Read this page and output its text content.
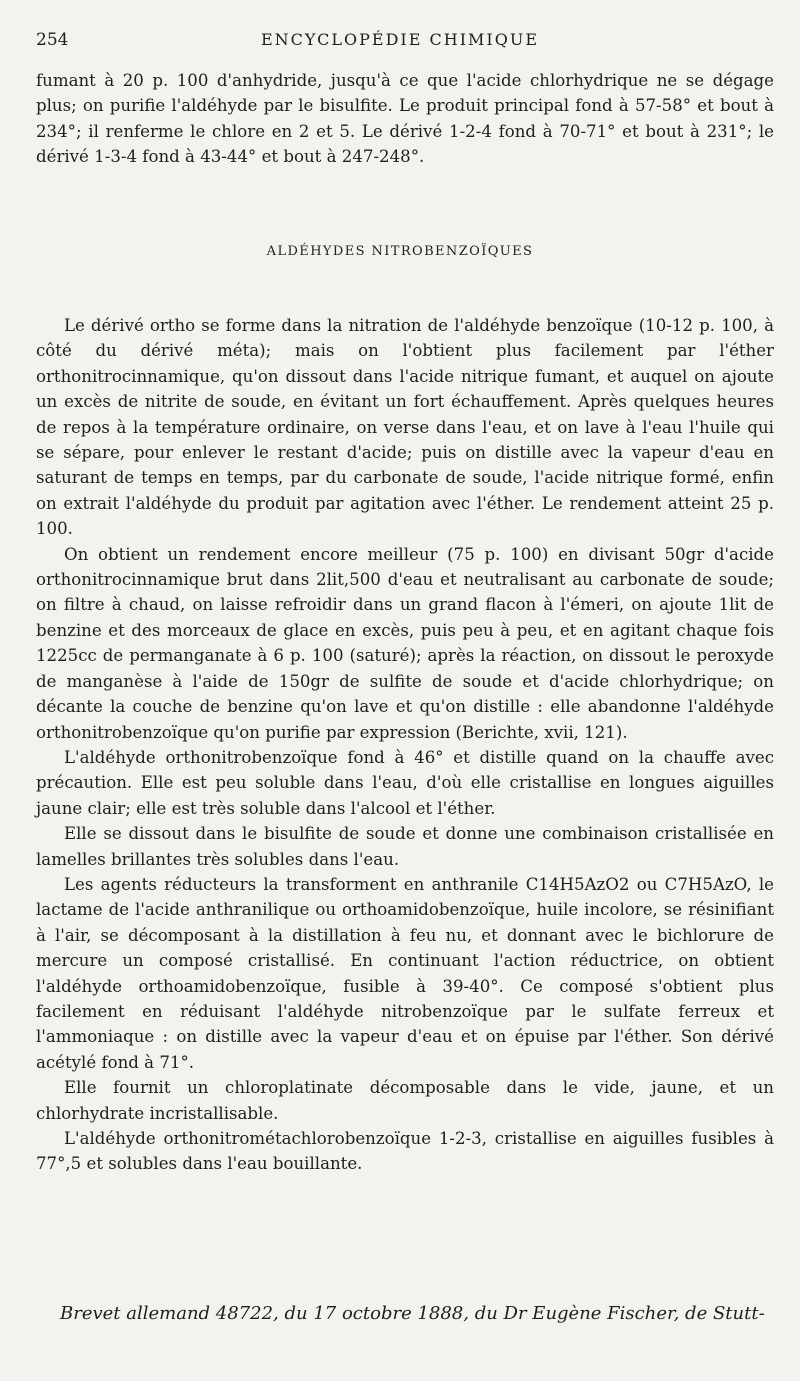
254	ENCYCLOPÉDIE CHIMIQUE
fumant à 20 p. 100 d'anhydride, jusqu'à ce que l'acide chlorhydrique ne se dégage plus; on purifie l'aldéhyde par le bisulfite. Le produit principal fond à 57-58° et bout à 234°; il renferme le chlore en 2 et 5. Le dérivé 1-2-4 fond à 70-71° et bout à 231°; le dérivé 1-3-4 fond à 43-44° et bout à 247-248°.
ALDÉHYDES NITROBENZOÏQUES

Le dérivé ortho se forme dans la nitration de l'aldéhyde benzoïque (10-12 p. 100, à côté du dérivé méta); mais on l'obtient plus facilement par l'éther orthonitrocinnamique, qu'on dissout dans l'acide nitrique fumant, et auquel on ajoute un excès de nitrite de soude, en évitant un fort échauffement. Après quelques heures de repos à la température ordinaire, on verse dans l'eau, et on lave à l'eau l'huile qui se sépare, pour enlever le restant d'acide; puis on distille avec la vapeur d'eau en saturant de temps en temps, par du carbonate de soude, l'acide nitrique formé, enfin on extrait l'aldéhyde du produit par agitation avec l'éther. Le rendement atteint 25 p. 100.

On obtient un rendement encore meilleur (75 p. 100) en divisant 50gr d'acide orthonitrocinnamique brut dans 2lit,500 d'eau et neutralisant au carbonate de soude; on filtre à chaud, on laisse refroidir dans un grand flacon à l'émeri, on ajoute 1lit de benzine et des morceaux de glace en excès, puis peu à peu, et en agitant chaque fois 1225cc de permanganate à 6 p. 100 (saturé); après la réaction, on dissout le peroxyde de manganèse à l'aide de 150gr de sulfite de soude et d'acide chlorhydrique; on décante la couche de benzine qu'on lave et qu'on distille : elle abandonne l'aldéhyde orthonitrobenzoïque qu'on purifie par expression (Berichte, xvii, 121).

L'aldéhyde orthonitrobenzoïque fond à 46° et distille quand on la chauffe avec précaution. Elle est peu soluble dans l'eau, d'où elle cristallise en longues aiguilles jaune clair; elle est très soluble dans l'alcool et l'éther.

Elle se dissout dans le bisulfite de soude et donne une combinaison cristallisée en lamelles brillantes très solubles dans l'eau.

Les agents réducteurs la transforment en anthranile C14H5AzO2 ou C7H5AzO, le lactame de l'acide anthranilique ou orthoamidobenzoïque, huile incolore, se résinifiant à l'air, se décomposant à la distillation à feu nu, et donnant avec le bichlorure de mercure un composé cristallisé. En continuant l'action réductrice, on obtient l'aldéhyde orthoamidobenzoïque, fusible à 39-40°. Ce composé s'obtient plus facilement en réduisant l'aldéhyde nitrobenzoïque par le sulfate ferreux et l'ammoniaque : on distille avec la vapeur d'eau et on épuise par l'éther. Son dérivé acétylé fond à 71°.

Elle fournit un chloroplatinate décomposable dans le vide, jaune, et un chlorhydrate incristallisable.

L'aldéhyde orthonitrométachlorobenzoïque 1-2-3, cristallise en aiguilles fusibles à 77°,5 et solubles dans l'eau bouillante.

Brevet allemand 48722, du 17 octobre 1888, du Dr Eugène Fischer, de Stutt-
